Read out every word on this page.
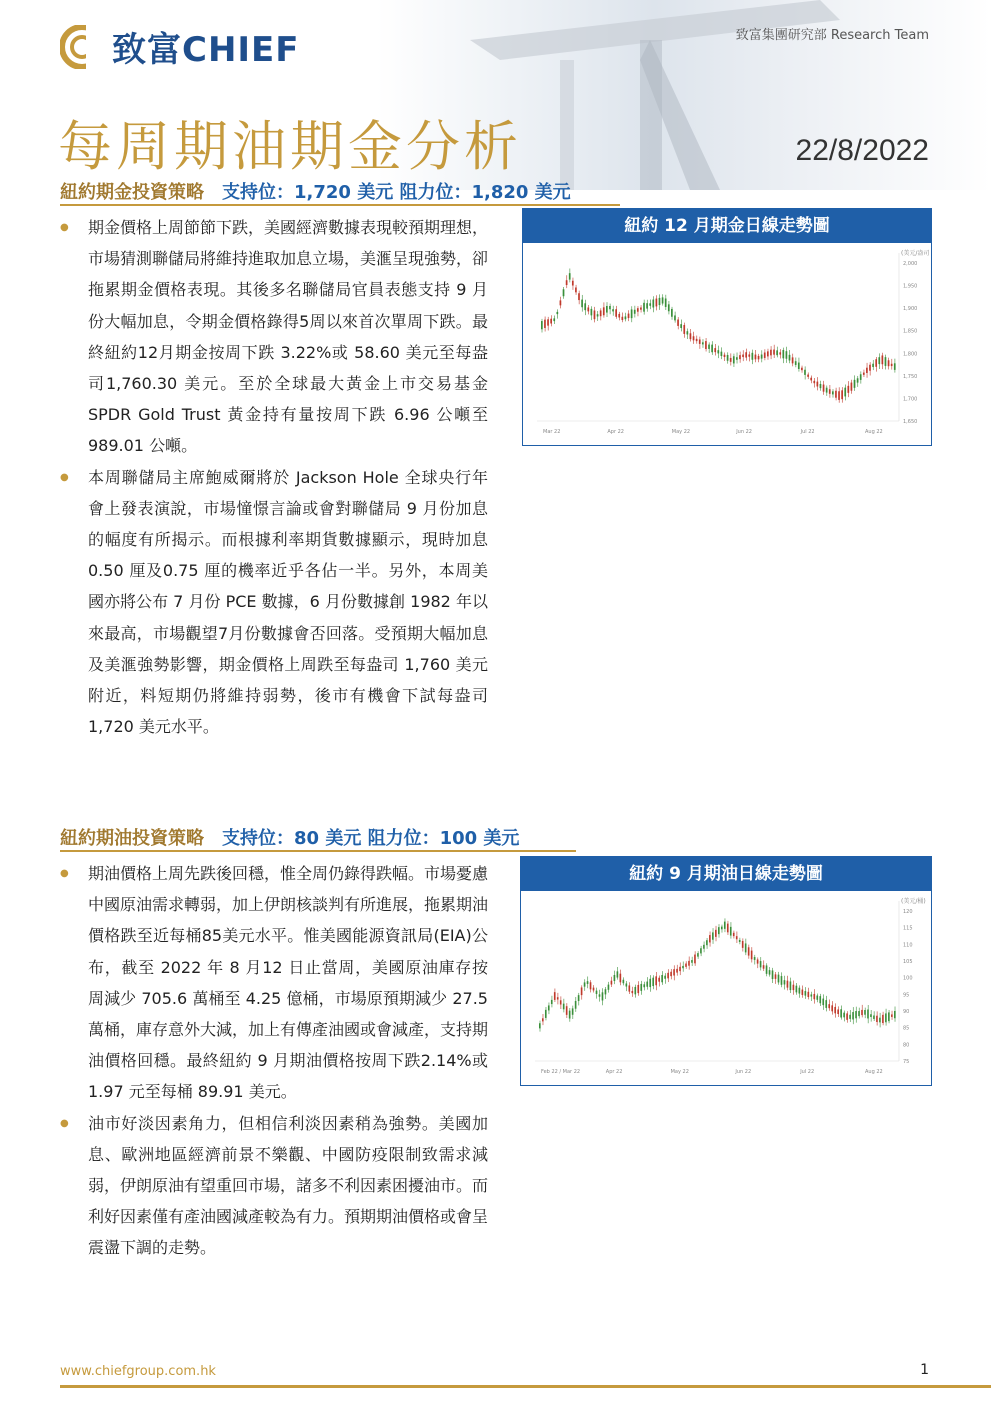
致富CHIEF	致富集團研究部 Research Team
每周期油期金分析	22/8/2022
紐約期金投資策略 支持位：1,720 美元 阻力位：1,820 美元
● 期金價格上周節節下跌，美國經濟數據表現較預期理想，市場猜測聯儲局將維持進取加息立場，美滙呈現強勢，卻拖累期金價格表現。其後多名聯儲局官員表態支持 9 月份大幅加息，令期金價格錄得5周以來首次單周下跌。最終紐約12月期金按周下跌 3.22%或 58.60 美元至每盎司1,760.30 美元。至於全球最大黃金上市交易基金SPDR Gold Trust 黃金持有量按周下跌 6.96 公噸至 989.01 公噸。
● 本周聯儲局主席鮑威爾將於 Jackson Hole 全球央行年會上發表演說，市場憧憬言論或會對聯儲局 9 月份加息的幅度有所揭示。而根據利率期貨數據顯示，現時加息 0.50 厘及0.75 厘的機率近乎各佔一半。另外，本周美國亦將公布 7 月份 PCE 數據，6 月份數據創 1982 年以來最高，市場觀望7月份數據會否回落。受預期大幅加息及美滙強勢影響，期金價格上周跌至每盎司 1,760 美元附近，料短期仍將維持弱勢，後市有機會下試每盎司 1,720 美元水平。
紐約 12 月期金日線走勢圖
(美元/盎司)
2,000
1,950
1,900
1,850
1,800
1,750
1,700
1,650
Mar 22	Apr 22	May 22	Jun 22	Jul 22	Aug 22
紐約期油投資策略 支持位：80 美元 阻力位：100 美元
● 期油價格上周先跌後回穩，惟全周仍錄得跌幅。市場憂慮中國原油需求轉弱，加上伊朗核談判有所進展，拖累期油價格跌至近每桶85美元水平。惟美國能源資訊局(EIA)公布，截至 2022 年 8 月12 日止當周，美國原油庫存按周減少 705.6 萬桶至 4.25 億桶，市場原預期減少 27.5 萬桶，庫存意外大減，加上有傳產油國或會減產，支持期油價格回穩。最終紐約 9 月期油價格按周下跌2.14%或 1.97 元至每桶 89.91 美元。
● 油市好淡因素角力，但相信利淡因素稍為強勢。美國加息、歐洲地區經濟前景不樂觀、中國防疫限制致需求減弱，伊朗原油有望重回市場，諸多不利因素困擾油市。而利好因素僅有產油國減產較為有力。預期期油價格或會呈震盪下調的走勢。
紐約 9 月期油日線走勢圖
(美元/桶)
120
115
110
105
100
95
90
85
80
75
Feb 22 / Mar 22	Apr 22	May 22	Jun 22	Jul 22	Aug 22
www.chiefgroup.com.hk	1
